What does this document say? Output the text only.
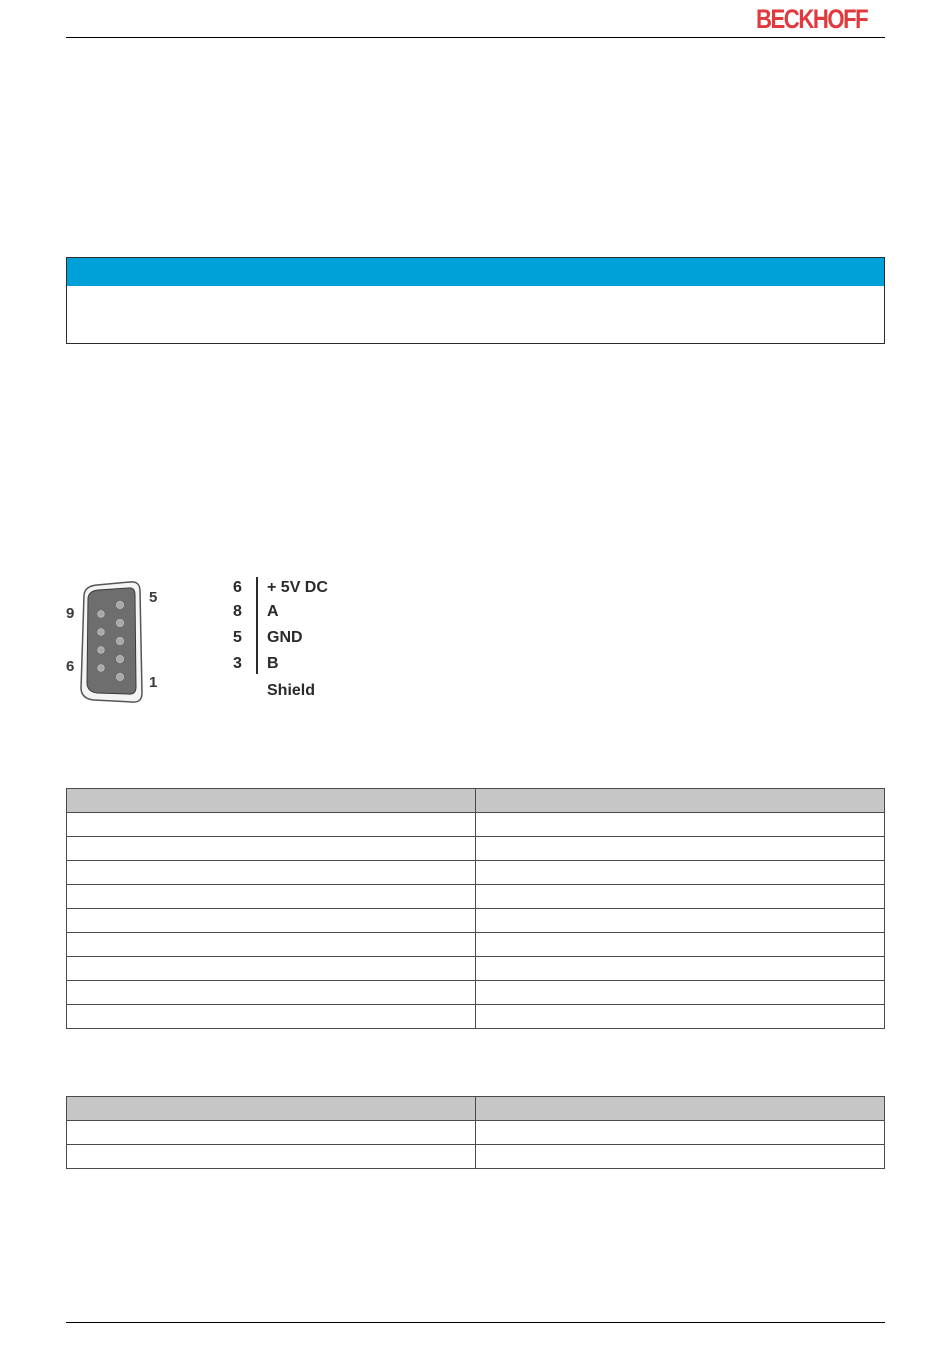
BECKHOFF
5
9
6
1
6 + 5V DC
8 A
5 GND
3 B
Shield
